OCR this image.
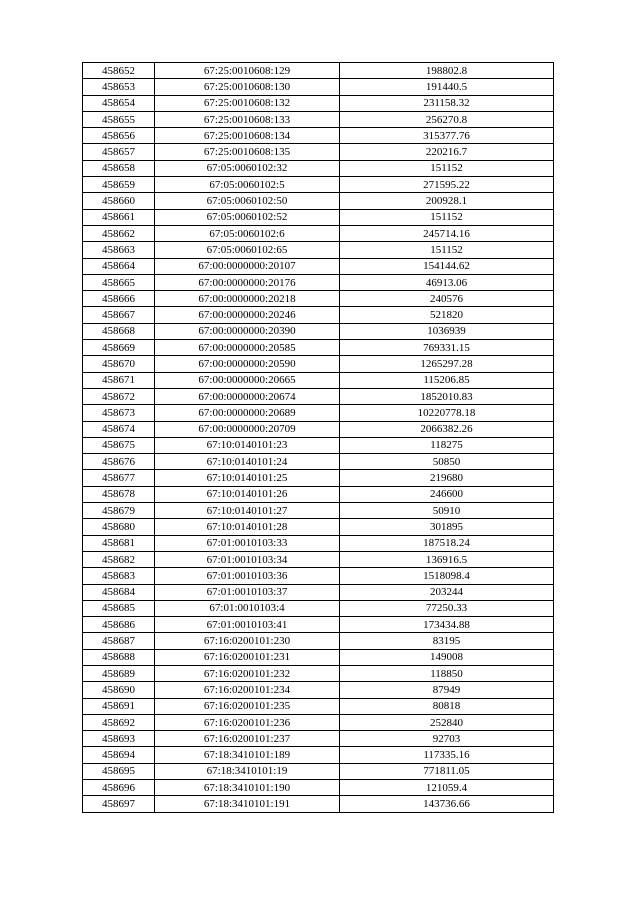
458652	67:25:0010608:129	198802.8
458653	67:25:0010608:130	191440.5
458654	67:25:0010608:132	231158.32
458655	67:25:0010608:133	256270.8
458656	67:25:0010608:134	315377.76
458657	67:25:0010608:135	220216.7
458658	67:05:0060102:32	151152
458659	67:05:0060102:5	271595.22
458660	67:05:0060102:50	200928.1
458661	67:05:0060102:52	151152
458662	67:05:0060102:6	245714.16
458663	67:05:0060102:65	151152
458664	67:00:0000000:20107	154144.62
458665	67:00:0000000:20176	46913.06
458666	67:00:0000000:20218	240576
458667	67:00:0000000:20246	521820
458668	67:00:0000000:20390	1036939
458669	67:00:0000000:20585	769331.15
458670	67:00:0000000:20590	1265297.28
458671	67:00:0000000:20665	115206.85
458672	67:00:0000000:20674	1852010.83
458673	67:00:0000000:20689	10220778.18
458674	67:00:0000000:20709	2066382.26
458675	67:10:0140101:23	118275
458676	67:10:0140101:24	50850
458677	67:10:0140101:25	219680
458678	67:10:0140101:26	246600
458679	67:10:0140101:27	50910
458680	67:10:0140101:28	301895
458681	67:01:0010103:33	187518.24
458682	67:01:0010103:34	136916.5
458683	67:01:0010103:36	1518098.4
458684	67:01:0010103:37	203244
458685	67:01:0010103:4	77250.33
458686	67:01:0010103:41	173434.88
458687	67:16:0200101:230	83195
458688	67:16:0200101:231	149008
458689	67:16:0200101:232	118850
458690	67:16:0200101:234	87949
458691	67:16:0200101:235	80818
458692	67:16:0200101:236	252840
458693	67:16:0200101:237	92703
458694	67:18:3410101:189	117335.16
458695	67:18:3410101:19	771811.05
458696	67:18:3410101:190	121059.4
458697	67:18:3410101:191	143736.66
